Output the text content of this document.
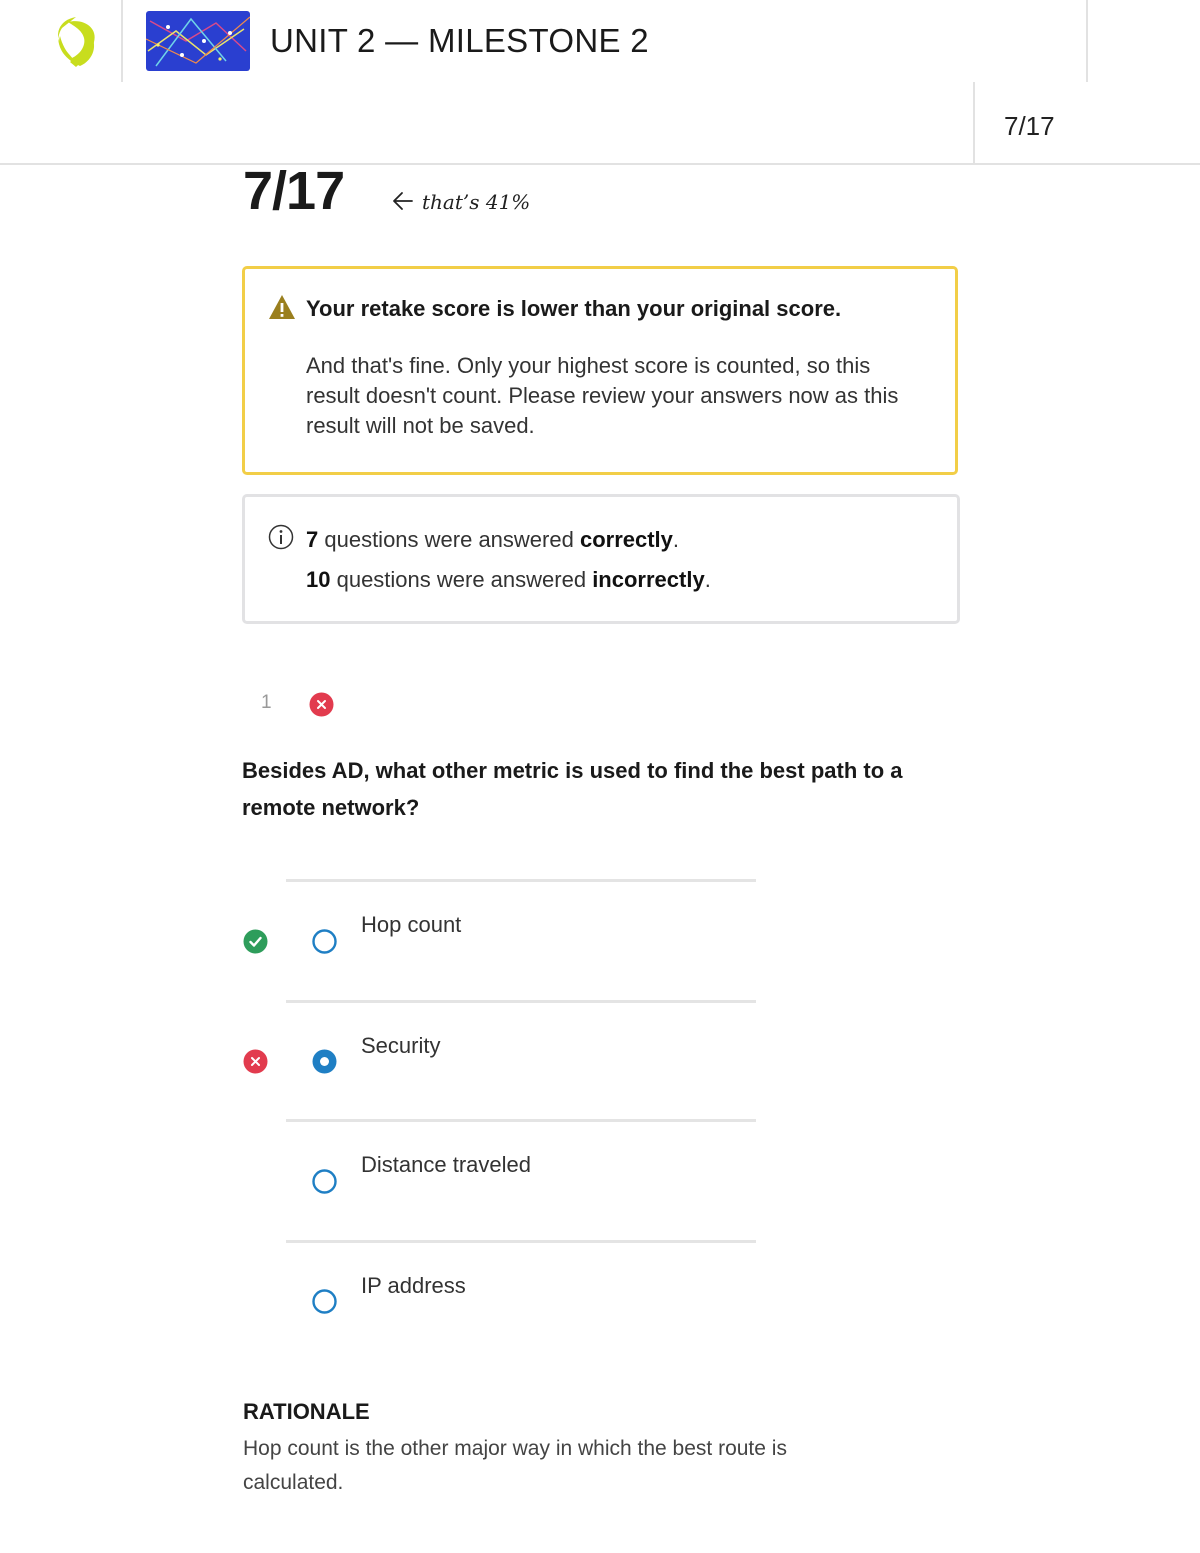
UNIT 2 — MILESTONE 2
7/17
7/17	that’s 41%
Your retake score is lower than your original score.
And that's fine. Only your highest score is counted, so this result doesn't count. Please review your answers now as this result will not be saved.
7 questions were answered correctly.
10 questions were answered incorrectly.
1
Besides AD, what other metric is used to find the best path to a remote network?
Hop count
Security
Distance traveled
IP address
RATIONALE
Hop count is the other major way in which the best route is calculated.
